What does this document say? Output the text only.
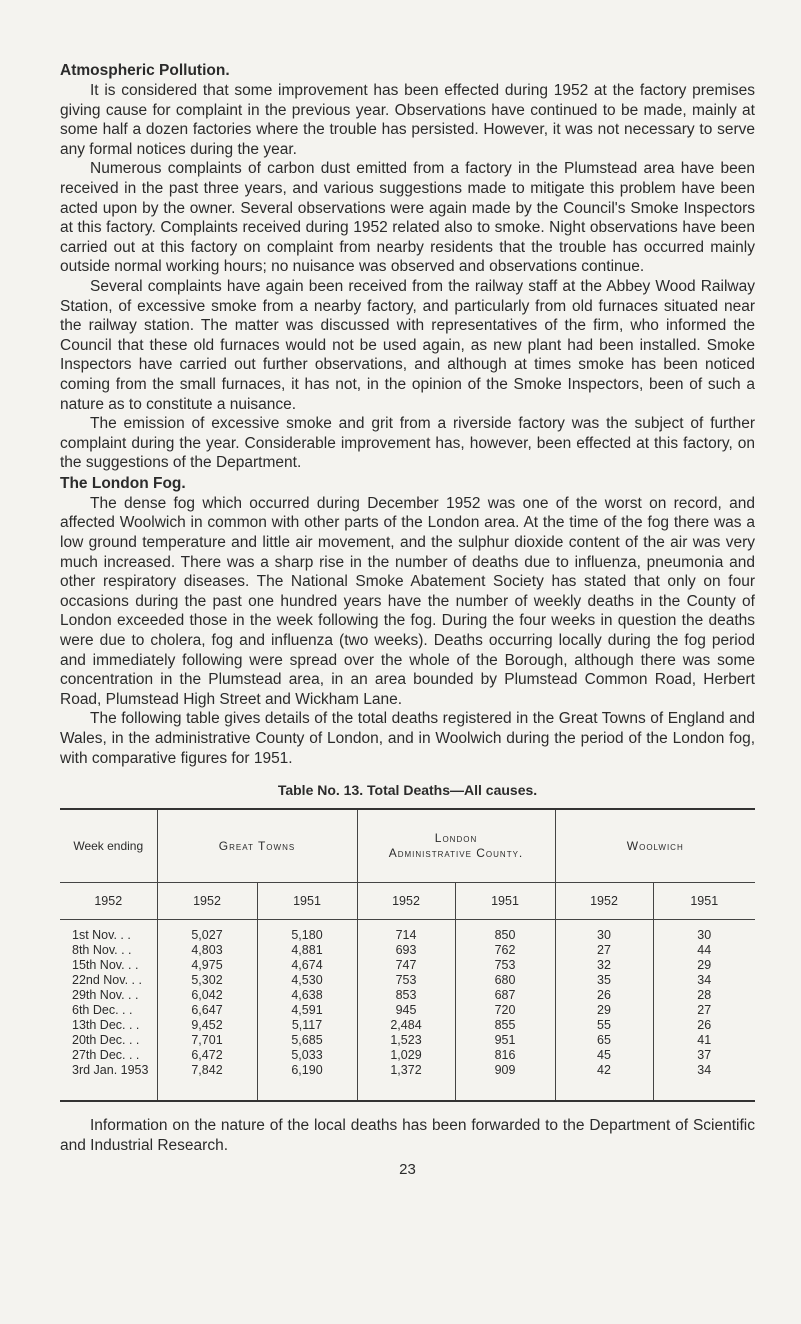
Atmospheric Pollution.

It is considered that some improvement has been effected during 1952 at the factory premises giving cause for complaint in the previous year. Observations have continued to be made, mainly at some half a dozen factories where the trouble has persisted. However, it was not necessary to serve any formal notices during the year.

Numerous complaints of carbon dust emitted from a factory in the Plumstead area have been received in the past three years, and various suggestions made to mitigate this problem have been acted upon by the owner. Several observations were again made by the Council's Smoke Inspectors at this factory. Complaints received during 1952 related also to smoke. Night observations have been carried out at this factory on complaint from nearby residents that the trouble has occurred mainly outside normal working hours; no nuisance was observed and observations continue.

Several complaints have again been received from the railway staff at the Abbey Wood Railway Station, of excessive smoke from a nearby factory, and particularly from old furnaces situated near the railway station. The matter was discussed with representatives of the firm, who informed the Council that these old furnaces would not be used again, as new plant had been installed. Smoke Inspectors have carried out further observations, and although at times smoke has been noticed coming from the small furnaces, it has not, in the opinion of the Smoke Inspectors, been of such a nature as to constitute a nuisance.

The emission of excessive smoke and grit from a riverside factory was the subject of further complaint during the year. Considerable improvement has, however, been effected at this factory, on the suggestions of the Department.

The London Fog.

The dense fog which occurred during December 1952 was one of the worst on record, and affected Woolwich in common with other parts of the London area. At the time of the fog there was a low ground temperature and little air movement, and the sulphur dioxide content of the air was very much increased. There was a sharp rise in the number of deaths due to influenza, pneumonia and other respiratory diseases. The National Smoke Abatement Society has stated that only on four occasions during the past one hundred years have the number of weekly deaths in the County of London exceeded those in the week following the fog. During the four weeks in question the deaths were due to cholera, fog and influenza (two weeks). Deaths occurring locally during the fog period and immediately following were spread over the whole of the Borough, although there was some concentration in the Plumstead area, in an area bounded by Plumstead Common Road, Herbert Road, Plumstead High Street and Wickham Lane.

The following table gives details of the total deaths registered in the Great Towns of England and Wales, in the administrative County of London, and in Woolwich during the period of the London fog, with comparative figures for 1951.

Table No. 13. Total Deaths—All causes.
Week ending	Great Towns		London
Administrative County.		Woolwich	
1952	1952	1951	1952	1951	1952	1951
1st Nov. . .	5,027	5,180	714	850	30	30
8th Nov. . .	4,803	4,881	693	762	27	44
15th Nov. . .	4,975	4,674	747	753	32	29
22nd Nov. . .	5,302	4,530	753	680	35	34
29th Nov. . .	6,042	4,638	853	687	26	28
6th Dec. . .	6,647	4,591	945	720	29	27
13th Dec. . .	9,452	5,117	2,484	855	55	26
20th Dec. . .	7,701	5,685	1,523	951	65	41
27th Dec. . .	6,472	5,033	1,029	816	45	37
3rd Jan. 1953	7,842	6,190	1,372	909	42	34

Information on the nature of the local deaths has been forwarded to the Department of Scientific and Industrial Research.

23
